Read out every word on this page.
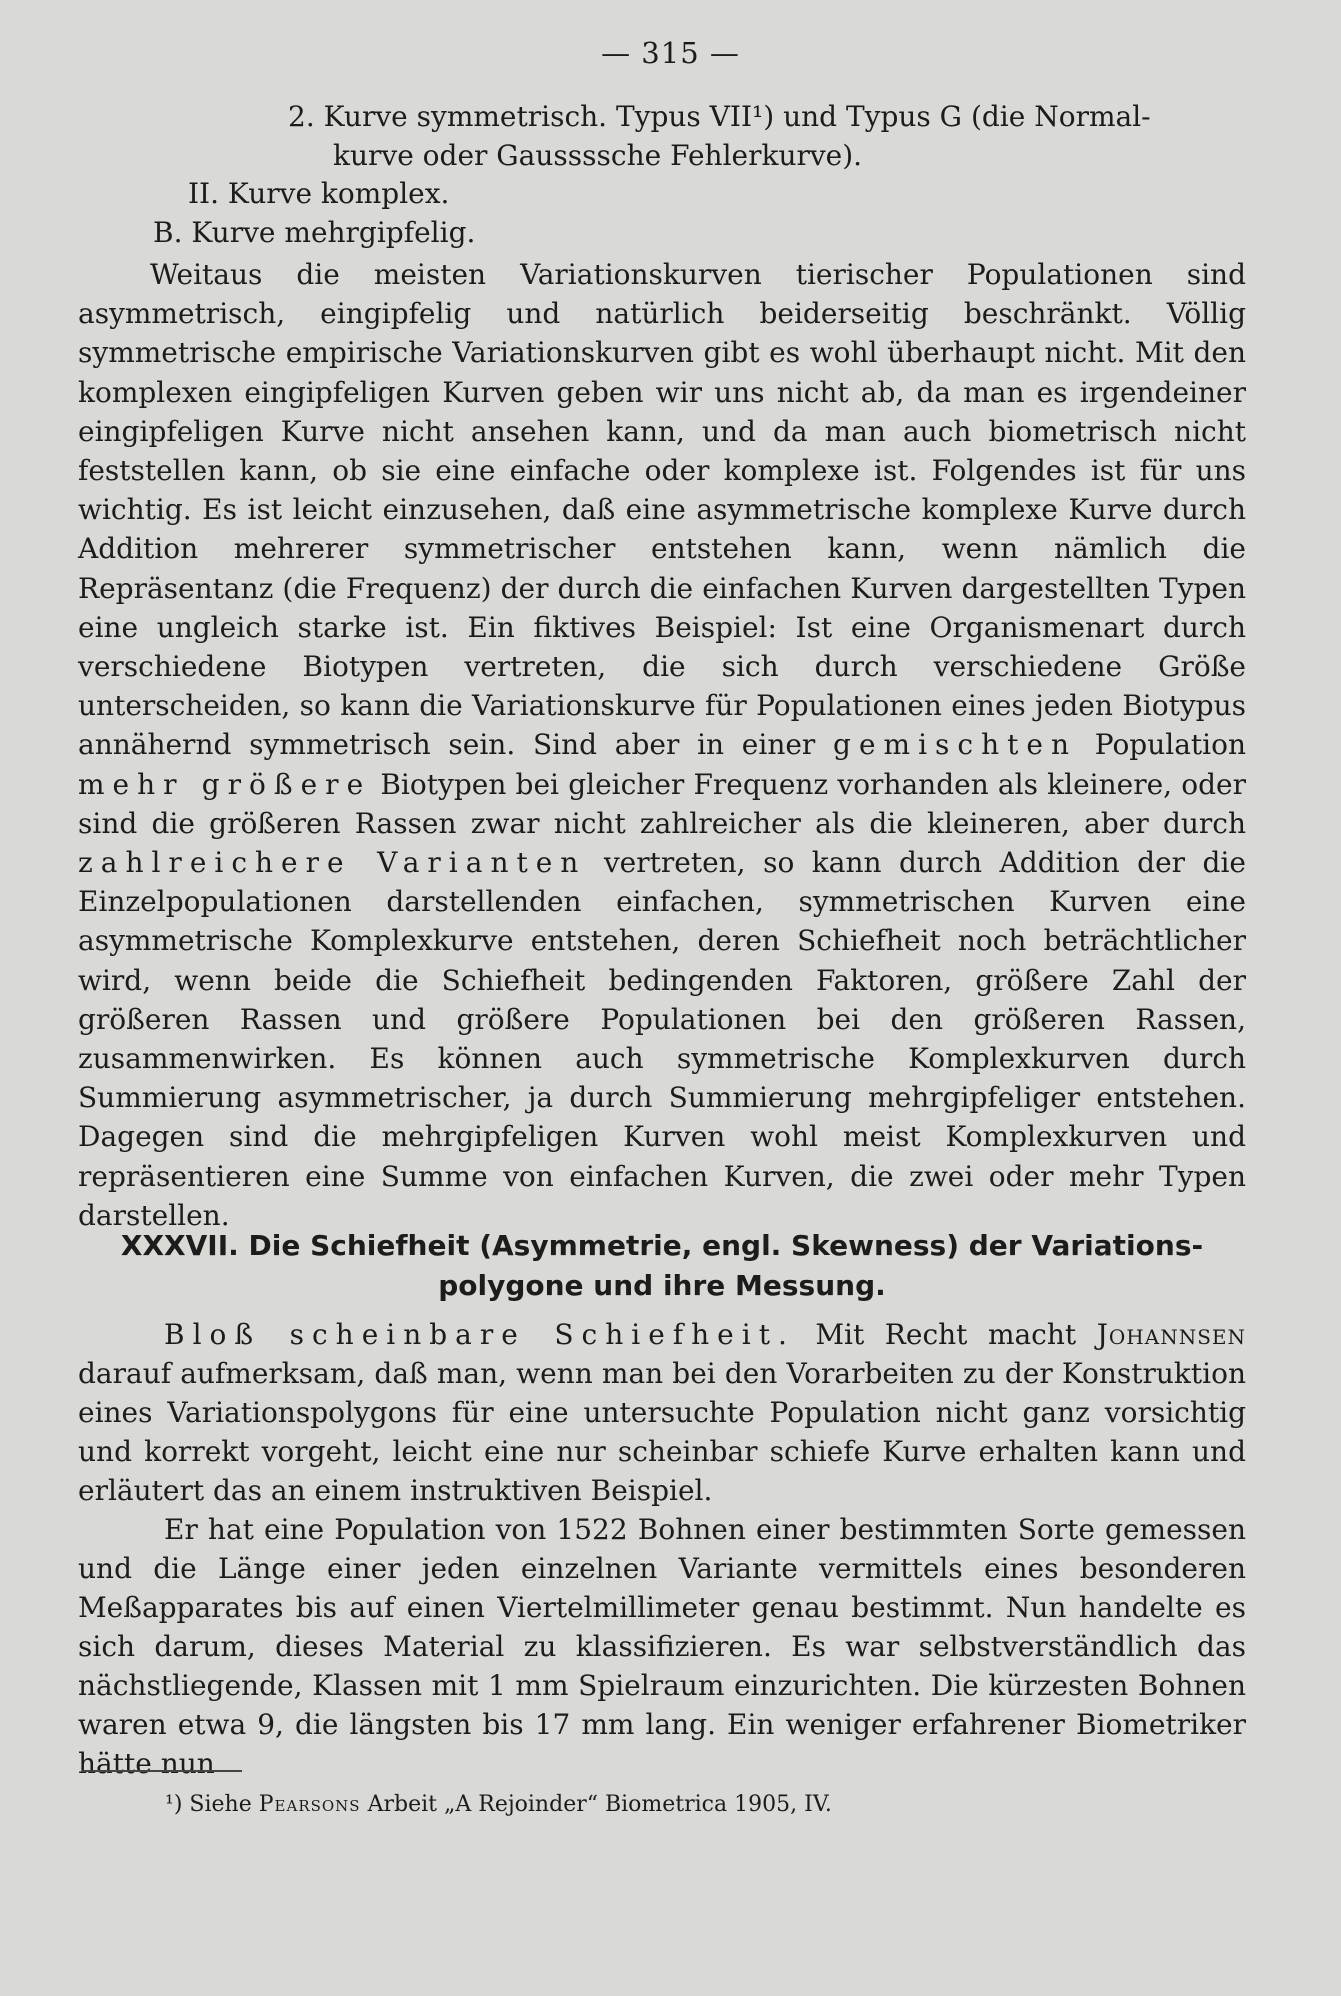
— 315 —
2. Kurve symmetrisch. Typus VII¹) und Typus G (die Normal-
kurve oder Gaussssche Fehlerkurve).
II. Kurve komplex.
B. Kurve mehrgipfelig.

Weitaus die meisten Variationskurven tierischer Populationen sind asymmetrisch, eingipfelig und natürlich beiderseitig beschränkt. Völlig symmetrische empirische Variationskurven gibt es wohl überhaupt nicht. Mit den komplexen eingipfeligen Kurven geben wir uns nicht ab, da man es irgendeiner eingipfeligen Kurve nicht ansehen kann, und da man auch biometrisch nicht feststellen kann, ob sie eine einfache oder komplexe ist. Folgendes ist für uns wichtig. Es ist leicht einzusehen, daß eine asymmetrische komplexe Kurve durch Addition mehrerer symmetrischer entstehen kann, wenn nämlich die Repräsentanz (die Frequenz) der durch die einfachen Kurven dargestellten Typen eine ungleich starke ist. Ein fiktives Beispiel: Ist eine Organismenart durch verschiedene Biotypen vertreten, die sich durch verschiedene Größe unterscheiden, so kann die Variationskurve für Populationen eines jeden Biotypus annähernd symmetrisch sein. Sind aber in einer gemischten Population mehr größere Biotypen bei gleicher Frequenz vorhanden als kleinere, oder sind die größeren Rassen zwar nicht zahlreicher als die kleineren, aber durch zahlreichere Varianten vertreten, so kann durch Addition der die Einzelpopulationen darstellenden einfachen, symmetrischen Kurven eine asymmetrische Komplexkurve entstehen, deren Schiefheit noch beträchtlicher wird, wenn beide die Schiefheit bedingenden Faktoren, größere Zahl der größeren Rassen und größere Populationen bei den größeren Rassen, zusammenwirken. Es können auch symmetrische Komplexkurven durch Summierung asymmetrischer, ja durch Summierung mehrgipfeliger entstehen. Dagegen sind die mehrgipfeligen Kurven wohl meist Komplexkurven und repräsentieren eine Summe von einfachen Kurven, die zwei oder mehr Typen darstellen.

XXXVII. Die Schiefheit (Asymmetrie, engl. Skewness) der Variations-
polygone und ihre Messung.

Bloß scheinbare Schiefheit. Mit Recht macht Johannsen darauf aufmerksam, daß man, wenn man bei den Vorarbeiten zu der Konstruktion eines Variationspolygons für eine untersuchte Population nicht ganz vorsichtig und korrekt vorgeht, leicht eine nur scheinbar schiefe Kurve erhalten kann und erläutert das an einem instruktiven Beispiel.

Er hat eine Population von 1522 Bohnen einer bestimmten Sorte gemessen und die Länge einer jeden einzelnen Variante vermittels eines besonderen Meßapparates bis auf einen Viertelmillimeter genau bestimmt. Nun handelte es sich darum, dieses Material zu klassifizieren. Es war selbstverständlich das nächstliegende, Klassen mit 1 mm Spielraum einzurichten. Die kürzesten Bohnen waren etwa 9, die längsten bis 17 mm lang. Ein weniger erfahrener Biometriker hätte nun

¹) Siehe Pearsons Arbeit „A Rejoinder“ Biometrica 1905, IV.
